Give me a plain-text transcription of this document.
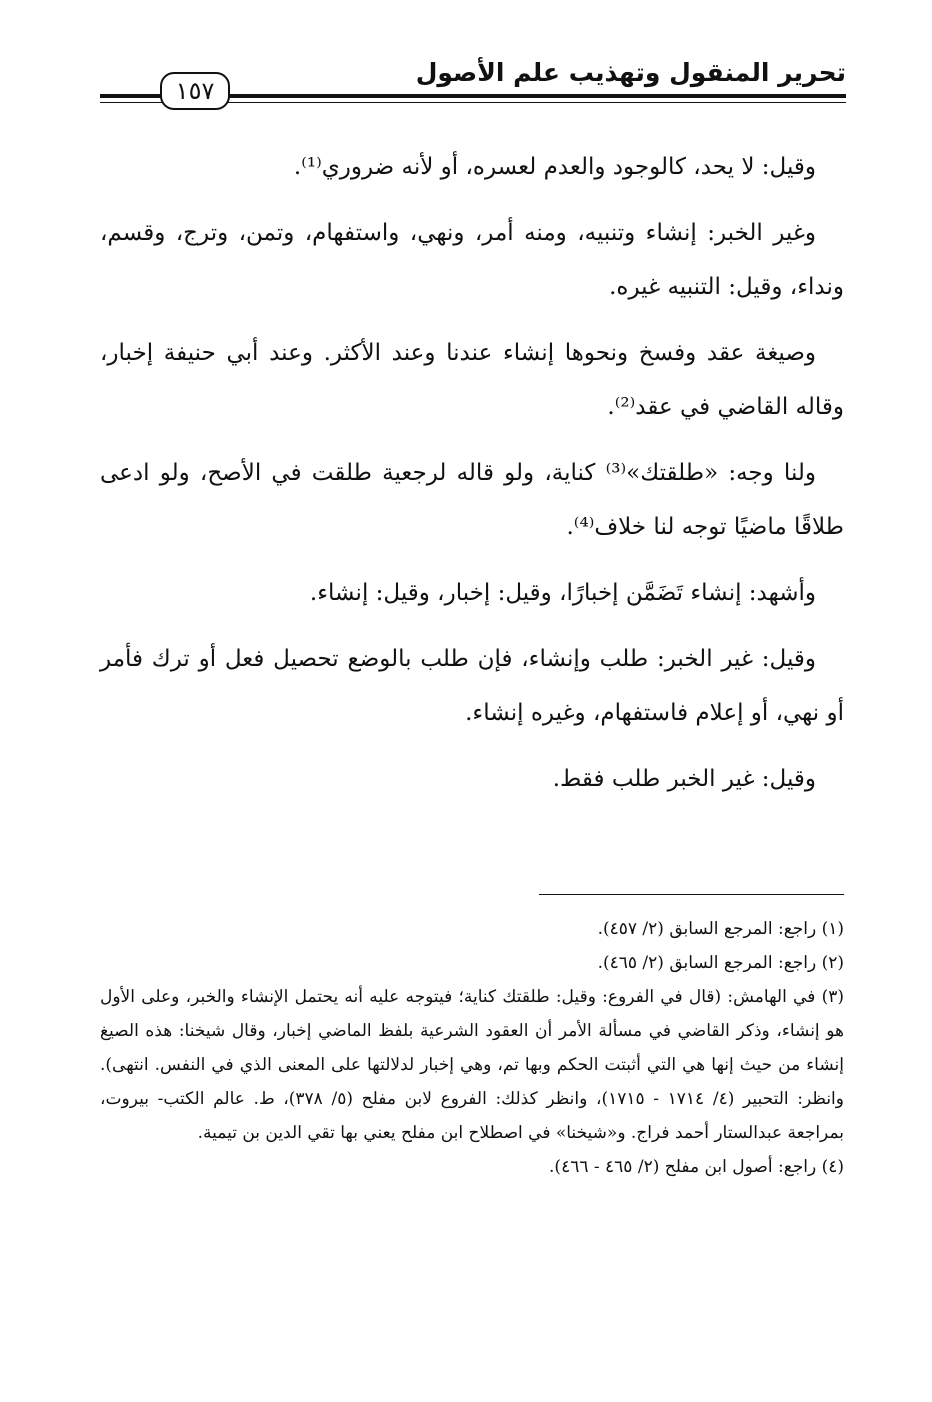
تحرير المنقول وتهذيب علم الأصول
١٥٧

وقيل: لا يحد، كالوجود والعدم لعسره، أو لأنه ضروري⁽¹⁾.

وغير الخبر: إنشاء وتنبيه، ومنه أمر، ونهي، واستفهام، وتمن، وترج، وقسم، ونداء، وقيل: التنبيه غيره.

وصيغة عقد وفسخ ونحوها إنشاء عندنا وعند الأكثر. وعند أبي حنيفة إخبار، وقاله القاضي في عقد⁽²⁾.

ولنا وجه: «طلقتك»⁽³⁾ كناية، ولو قاله لرجعية طلقت في الأصح، ولو ادعى طلاقًا ماضيًا توجه لنا خلاف⁽⁴⁾.

وأشهد: إنشاء تَضَمَّن إخبارًا، وقيل: إخبار، وقيل: إنشاء.

وقيل: غير الخبر: طلب وإنشاء، فإن طلب بالوضع تحصيل فعل أو ترك فأمر أو نهي، أو إعلام فاستفهام، وغيره إنشاء.

وقيل: غير الخبر طلب فقط.

(١) راجع: المرجع السابق (٢/ ٤٥٧).

(٢) راجع: المرجع السابق (٢/ ٤٦٥).

(٣) في الهامش: (قال في الفروع: وقيل: طلقتك كناية؛ فيتوجه عليه أنه يحتمل الإنشاء والخبر، وعلى الأول هو إنشاء، وذكر القاضي في مسألة الأمر أن العقود الشرعية بلفظ الماضي إخبار، وقال شيخنا: هذه الصيغ إنشاء من حيث إنها هي التي أثبتت الحكم وبها تم، وهي إخبار لدلالتها على المعنى الذي في النفس. انتهى). وانظر: التحبير (٤/ ١٧١٤ - ١٧١٥)، وانظر كذلك: الفروع لابن مفلح (٥/ ٣٧٨)، ط. عالم الكتب- بيروت، بمراجعة عبدالستار أحمد فراج. و«شيخنا» في اصطلاح ابن مفلح يعني بها تقي الدين بن تيمية.

(٤) راجع: أصول ابن مفلح (٢/ ٤٦٥ - ٤٦٦).
